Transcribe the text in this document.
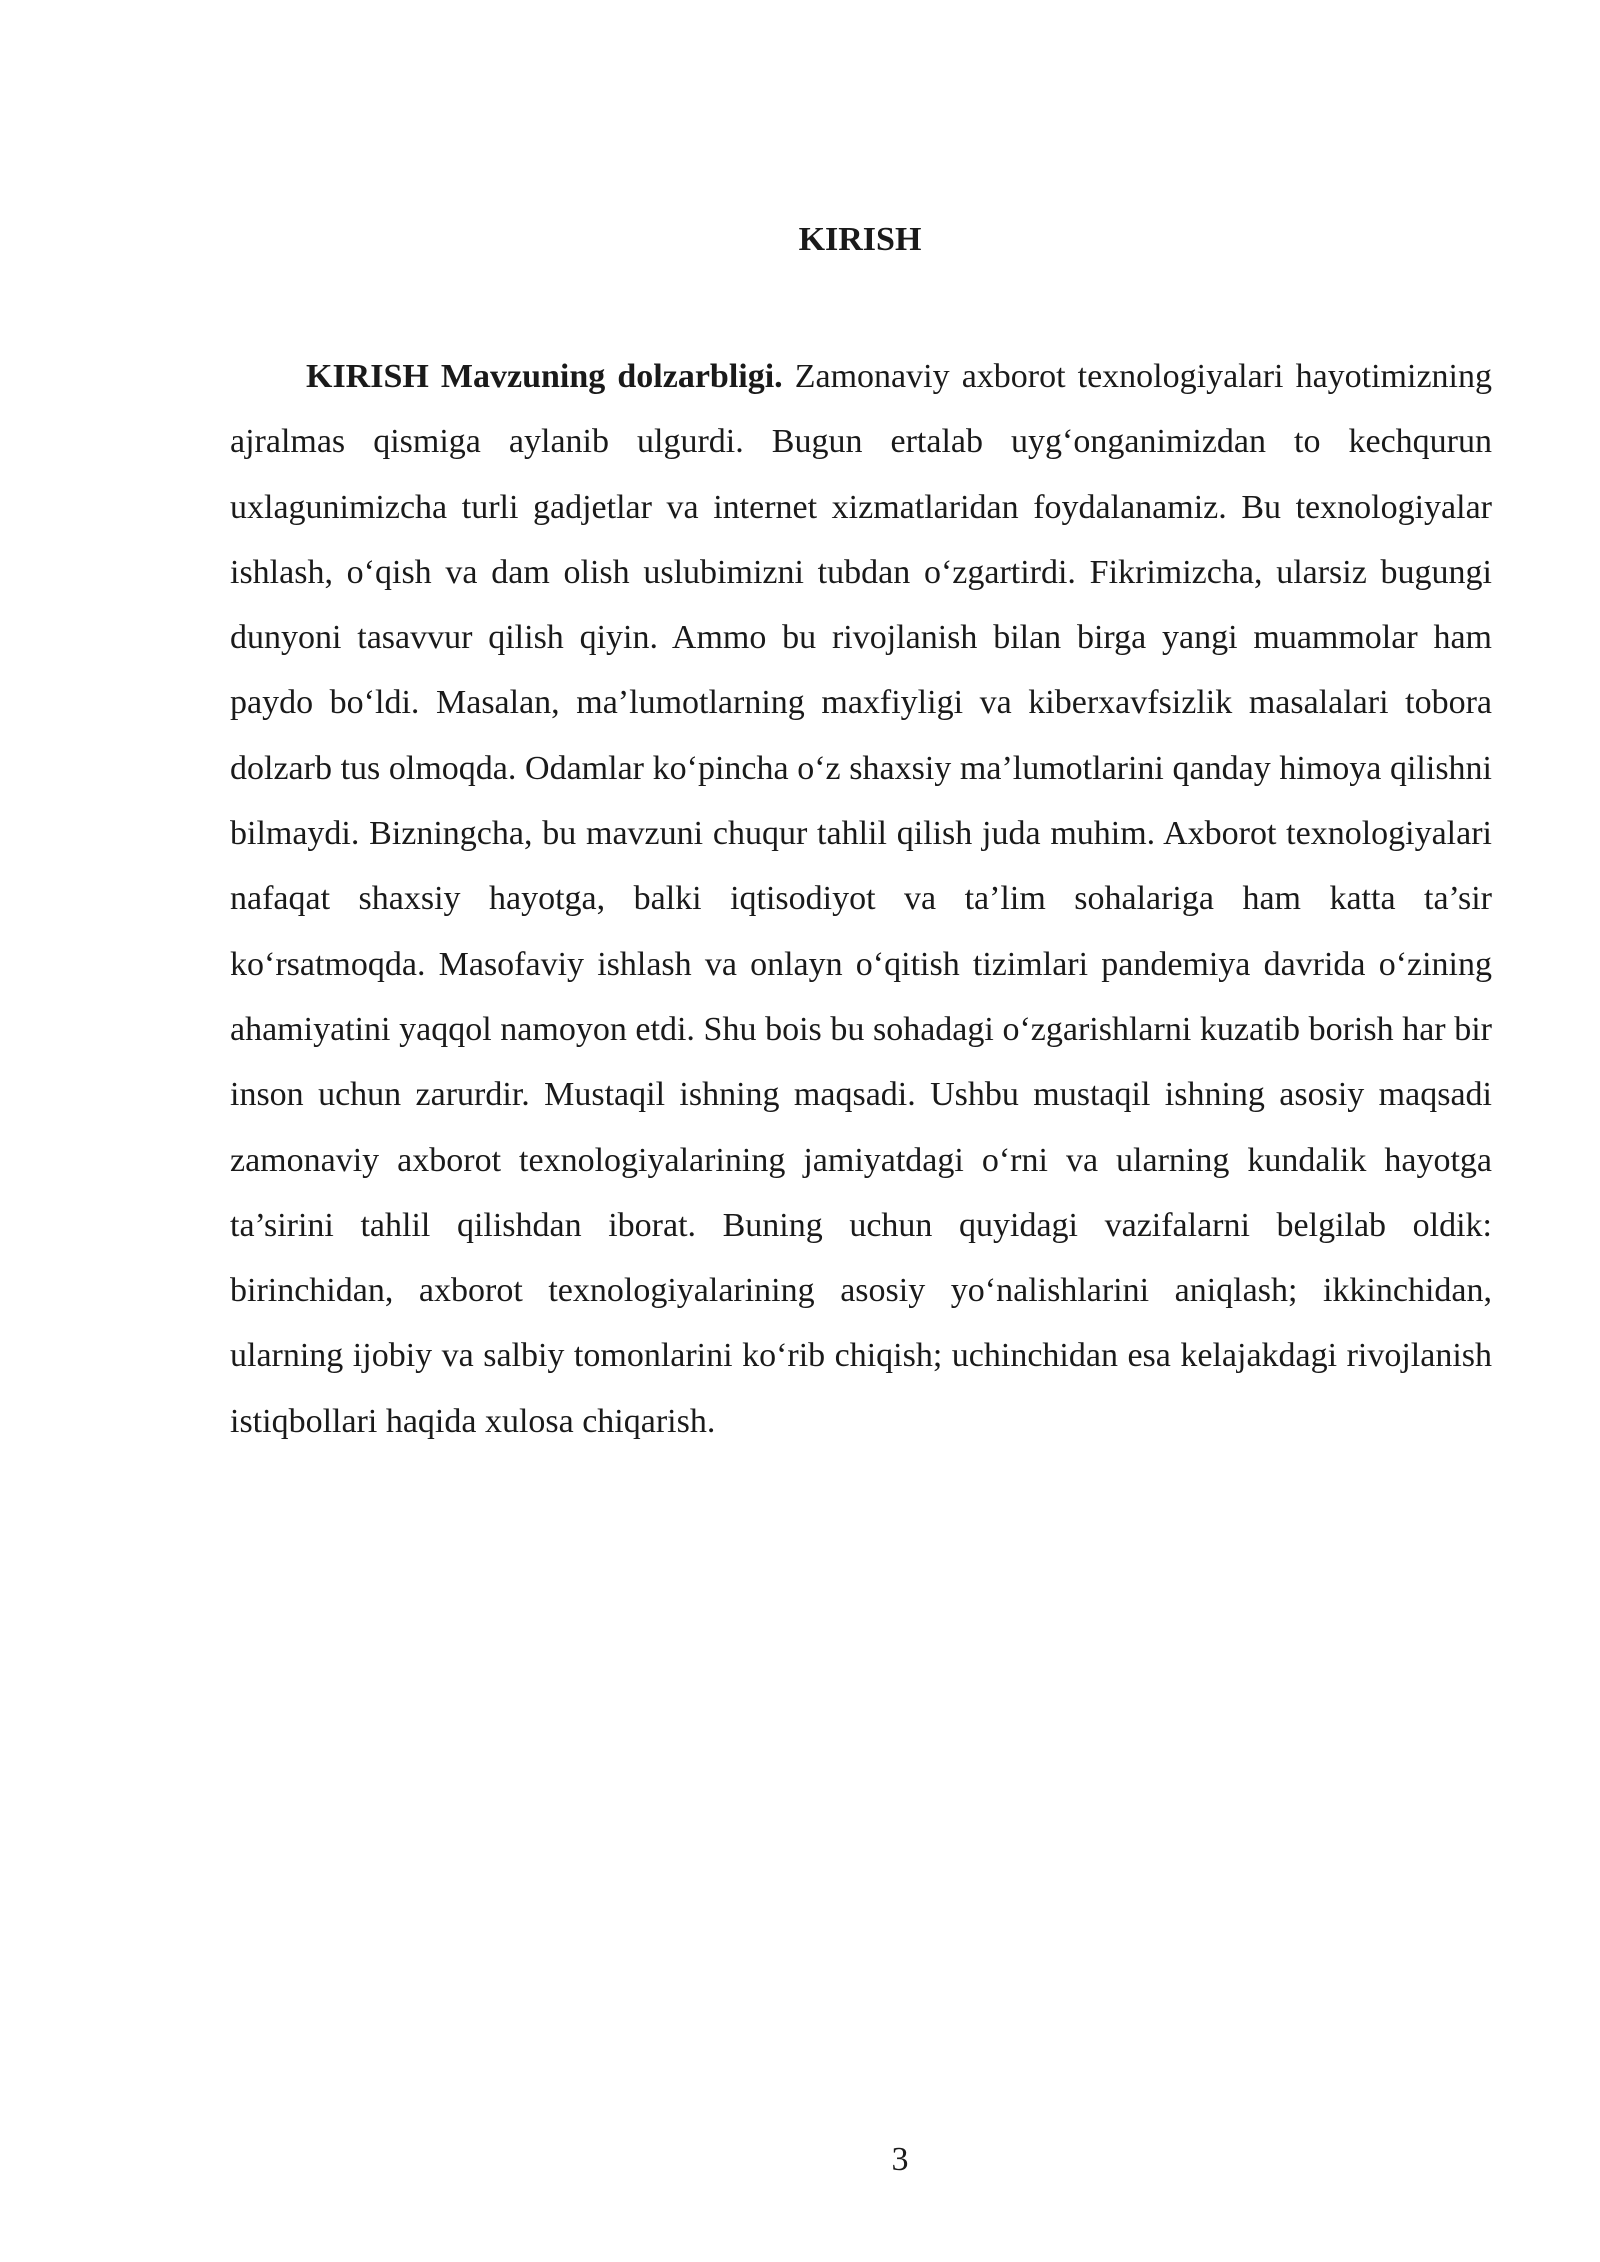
KIRISH

KIRISH Mavzuning dolzarbligi. Zamonaviy axborot texnologiyalari hayotimizning ajralmas qismiga aylanib ulgurdi. Bugun ertalab uyg‘onganimizdan to kechqurun uxlagunimizcha turli gadjetlar va internet xizmatlaridan foydalanamiz. Bu texnologiyalar ishlash, o‘qish va dam olish uslubimizni tubdan o‘zgartirdi. Fikrimizcha, ularsiz bugungi dunyoni tasavvur qilish qiyin. Ammo bu rivojlanish bilan birga yangi muammolar ham paydo bo‘ldi. Masalan, ma’lumotlarning maxfiyligi va kiberxavfsizlik masalalari tobora dolzarb tus olmoqda. Odamlar ko‘pincha o‘z shaxsiy ma’lumotlarini qanday himoya qilishni bilmaydi. Bizningcha, bu mavzuni chuqur tahlil qilish juda muhim. Axborot texnologiyalari nafaqat shaxsiy hayotga, balki iqtisodiyot va ta’lim sohalariga ham katta ta’sir ko‘rsatmoqda. Masofaviy ishlash va onlayn o‘qitish tizimlari pandemiya davrida o‘zining ahamiyatini yaqqol namoyon etdi. Shu bois bu sohadagi o‘zgarishlarni kuzatib borish har bir inson uchun zarurdir. Mustaqil ishning maqsadi. Ushbu mustaqil ishning asosiy maqsadi zamonaviy axborot texnologiyalarining jamiyatdagi o‘rni va ularning kundalik hayotga ta’sirini tahlil qilishdan iborat. Buning uchun quyidagi vazifalarni belgilab oldik: birinchidan, axborot texnologiyalarining asosiy yo‘nalishlarini aniqlash; ikkinchidan, ularning ijobiy va salbiy tomonlarini ko‘rib chiqish; uchinchidan esa kelajakdagi rivojlanish istiqbollari haqida xulosa chiqarish.

3
